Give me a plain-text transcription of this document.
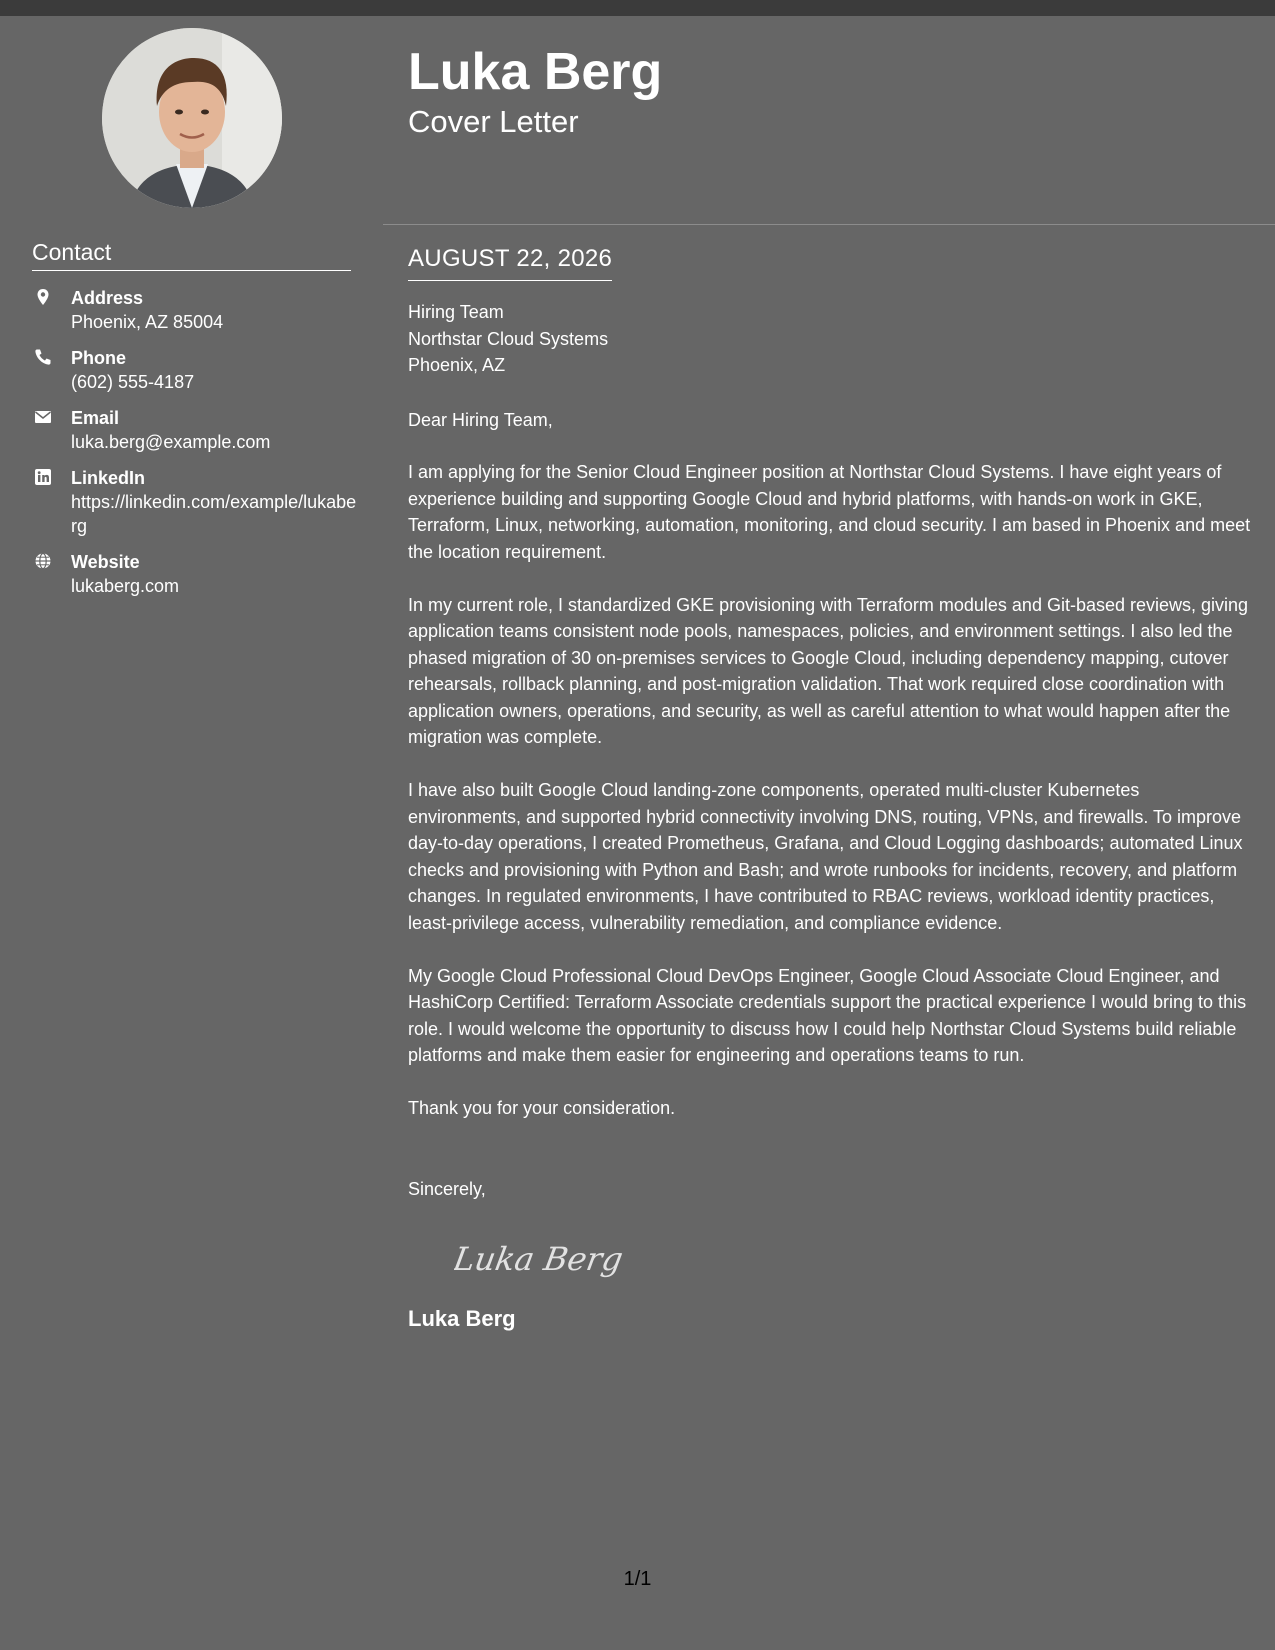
Contact
Address
Phoenix, AZ 85004
Phone
(602) 555-4187
Email
luka.berg@example.com
LinkedIn
https://linkedin.com/example/lukaberg
Website
lukaberg.com
Luka Berg
Cover Letter
AUGUST 22, 2026

Hiring Team

Northstar Cloud Systems

Phoenix, AZ

Dear Hiring Team,

I am applying for the Senior Cloud Engineer position at Northstar Cloud Systems. I have eight years of experience building and supporting Google Cloud and hybrid platforms, with hands-on work in GKE, Terraform, Linux, networking, automation, monitoring, and cloud security. I am based in Phoenix and meet the location requirement.

In my current role, I standardized GKE provisioning with Terraform modules and Git-based reviews, giving application teams consistent node pools, namespaces, policies, and environment settings. I also led the phased migration of 30 on-premises services to Google Cloud, including dependency mapping, cutover rehearsals, rollback planning, and post-migration validation. That work required close coordination with application owners, operations, and security, as well as careful attention to what would happen after the migration was complete.

I have also built Google Cloud landing-zone components, operated multi-cluster Kubernetes environments, and supported hybrid connectivity involving DNS, routing, VPNs, and firewalls. To improve day-to-day operations, I created Prometheus, Grafana, and Cloud Logging dashboards; automated Linux checks and provisioning with Python and Bash; and wrote runbooks for incidents, recovery, and platform changes. In regulated environments, I have contributed to RBAC reviews, workload identity practices, least-privilege access, vulnerability remediation, and compliance evidence.

My Google Cloud Professional Cloud DevOps Engineer, Google Cloud Associate Cloud Engineer, and HashiCorp Certified: Terraform Associate credentials support the practical experience I would bring to this role. I would welcome the opportunity to discuss how I could help Northstar Cloud Systems build reliable platforms and make them easier for engineering and operations teams to run.

Thank you for your consideration.

Sincerely,

Luka Berg

Luka Berg

1/1
